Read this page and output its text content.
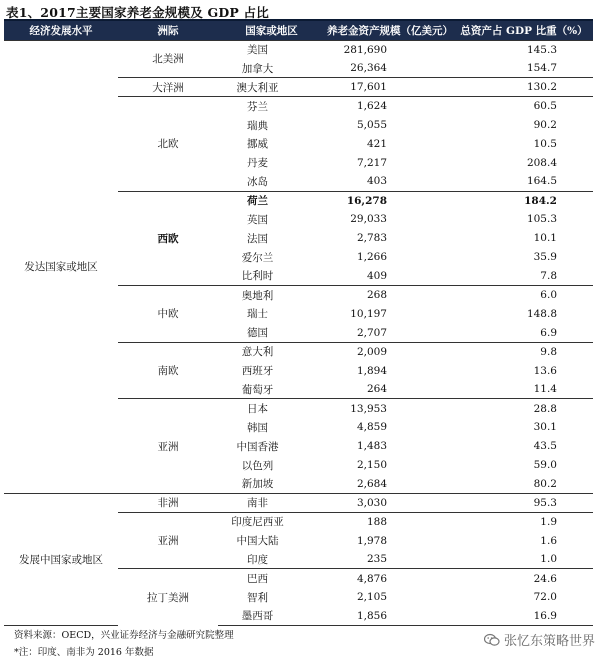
表1、2017主要国家养老金规模及 GDP 占比
经济发展水平	洲际	国家或地区	养老金资产规模（亿美元）	总资产占 GDP 比重（%）
发达国家或地区	北美洲	美国	281,690	145.3
		加拿大	26,364	154.7
	大洋洲	澳大利亚	17,601	130.2
	北欧	芬兰	1,624	60.5
		瑞典	5,055	90.2
		挪威	421	10.5
		丹麦	7,217	208.4
		冰岛	403	164.5
	西欧	荷兰	16,278	184.2
		英国	29,033	105.3
		法国	2,783	10.1
		爱尔兰	1,266	35.9
		比利时	409	7.8
	中欧	奥地利	268	6.0
		瑞士	10,197	148.8
		德国	2,707	6.9
	南欧	意大利	2,009	9.8
		西班牙	1,894	13.6
		葡萄牙	264	11.4
	亚洲	日本	13,953	28.8
		韩国	4,859	30.1
		中国香港	1,483	43.5
		以色列	2,150	59.0
		新加坡	2,684	80.2
发展中国家或地区	非洲	南非	3,030	95.3
	亚洲	印度尼西亚	188	1.9
		中国大陆	1,978	1.6
		印度	235	1.0
	拉丁美洲	巴西	4,876	24.6
		智利	2,105	72.0
		墨西哥	1,856	16.9
资料来源：OECD，兴业证券经济与金融研究院整理
*注：印度、南非为 2016 年数据
张忆东策略世界
